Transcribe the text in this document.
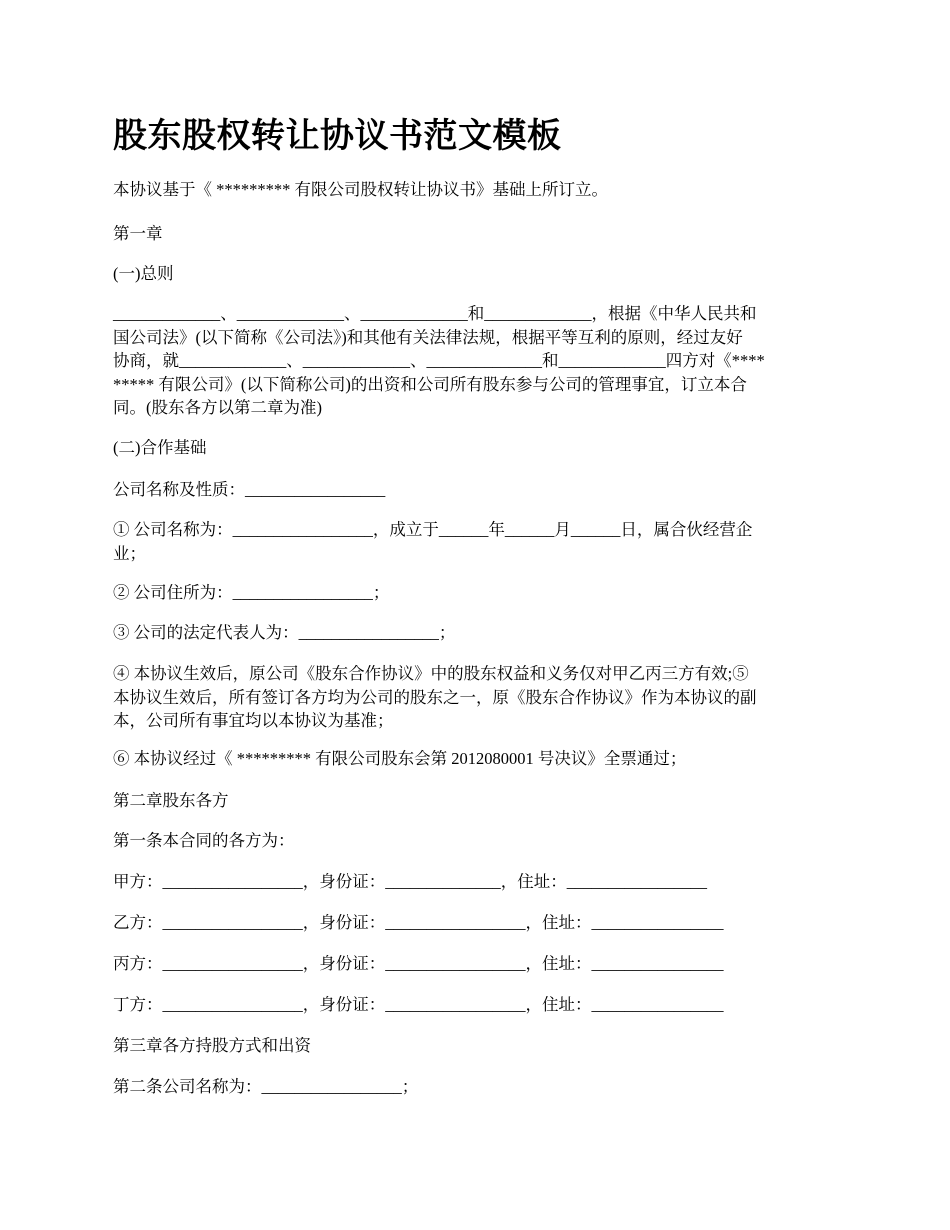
股东股权转让协议书范文模板

本协议基于《 ********* 有限公司股权转让协议书》基础上所订立。

第一章

(一)总则

_____________、_____________、_____________和_____________，根据《中华人民共和
国公司法》(以下简称《公司法》)和其他有关法律法规，根据平等互利的原则，经过友好
协商，就_____________、_____________、______________和_____________四方对《****
***** 有限公司》(以下简称公司)的出资和公司所有股东参与公司的管理事宜，订立本合
同。(股东各方以第二章为准)

(二)合作基础

公司名称及性质：_________________

① 公司名称为：_________________，成立于______年______月______日，属合伙经营企
业；

② 公司住所为：_________________；

③ 公司的法定代表人为：_________________；

④ 本协议生效后，原公司《股东合作协议》中的股东权益和义务仅对甲乙丙三方有效;⑤
本协议生效后，所有签订各方均为公司的股东之一，原《股东合作协议》作为本协议的副
本，公司所有事宜均以本协议为基准；

⑥ 本协议经过《 ********* 有限公司股东会第 2012080001 号决议》全票通过；

第二章股东各方

第一条本合同的各方为：

甲方：_________________，身份证：______________，住址：_________________

乙方：_________________，身份证：_________________，住址：________________

丙方：_________________，身份证：_________________，住址：________________

丁方：_________________，身份证：_________________，住址：________________

第三章各方持股方式和出资

第二条公司名称为：_________________；
